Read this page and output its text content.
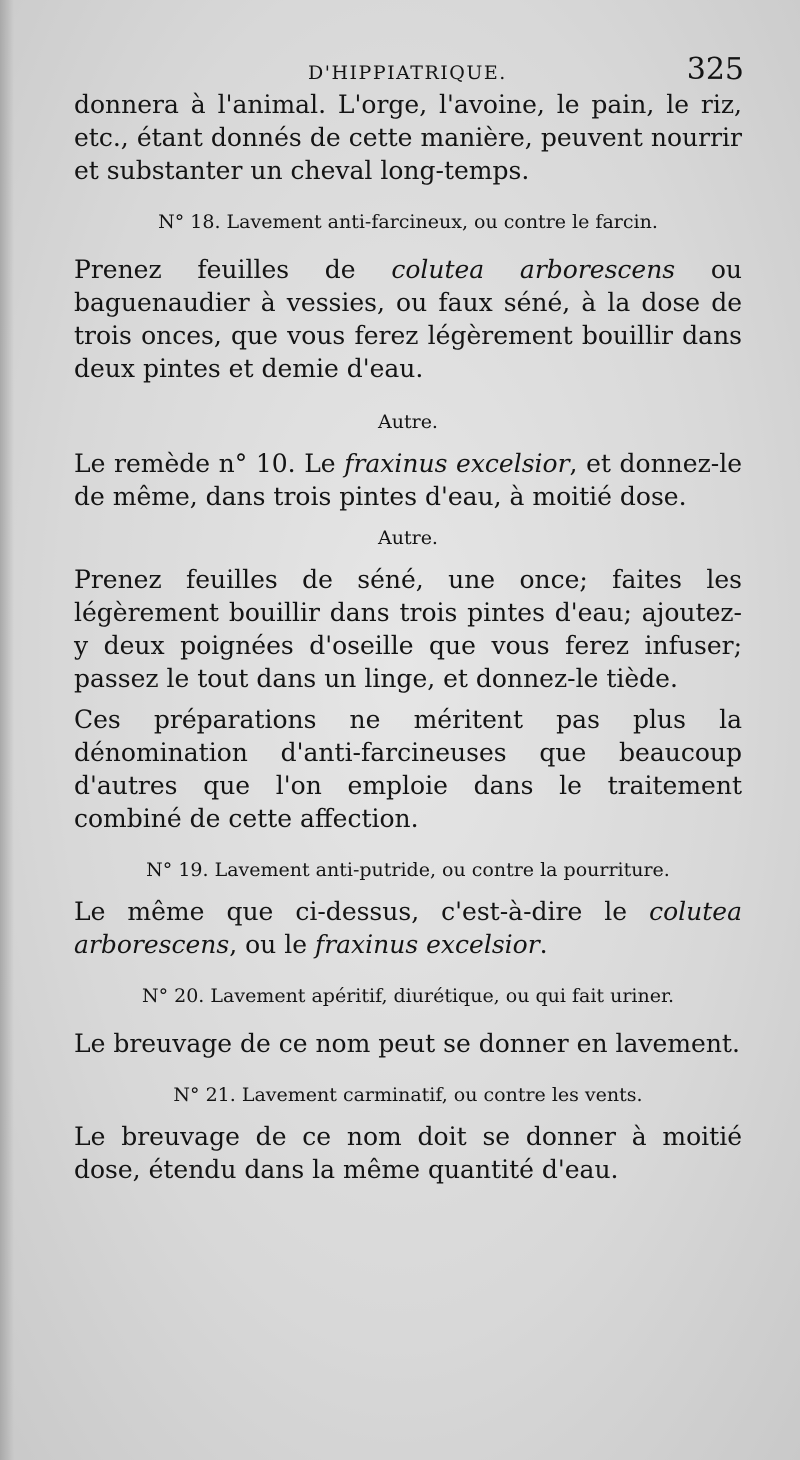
D'HIPPIATRIQUE.	325

donnera à l'animal. L'orge, l'avoine, le pain, le riz, etc., étant donnés de cette manière, peuvent nourrir et substanter un cheval long-temps.

N° 18. Lavement anti-farcineux, ou contre le farcin.

Prenez feuilles de colutea arborescens ou baguenaudier à vessies, ou faux séné, à la dose de trois onces, que vous ferez légèrement bouillir dans deux pintes et demie d'eau.

Autre.

Le remède n° 10. Le fraxinus excelsior, et donnez-le de même, dans trois pintes d'eau, à moitié dose.

Autre.

Prenez feuilles de séné, une once; faites les légèrement bouillir dans trois pintes d'eau; ajoutez-y deux poignées d'oseille que vous ferez infuser; passez le tout dans un linge, et donnez-le tiède.

Ces préparations ne méritent pas plus la dénomination d'anti-farcineuses que beaucoup d'autres que l'on emploie dans le traitement combiné de cette affection.

N° 19. Lavement anti-putride, ou contre la pourriture.

Le même que ci-dessus, c'est-à-dire le colutea arborescens, ou le fraxinus excelsior.

N° 20. Lavement apéritif, diurétique, ou qui fait uriner.

Le breuvage de ce nom peut se donner en lavement.

N° 21. Lavement carminatif, ou contre les vents.

Le breuvage de ce nom doit se donner à moitié dose, étendu dans la même quantité d'eau.
